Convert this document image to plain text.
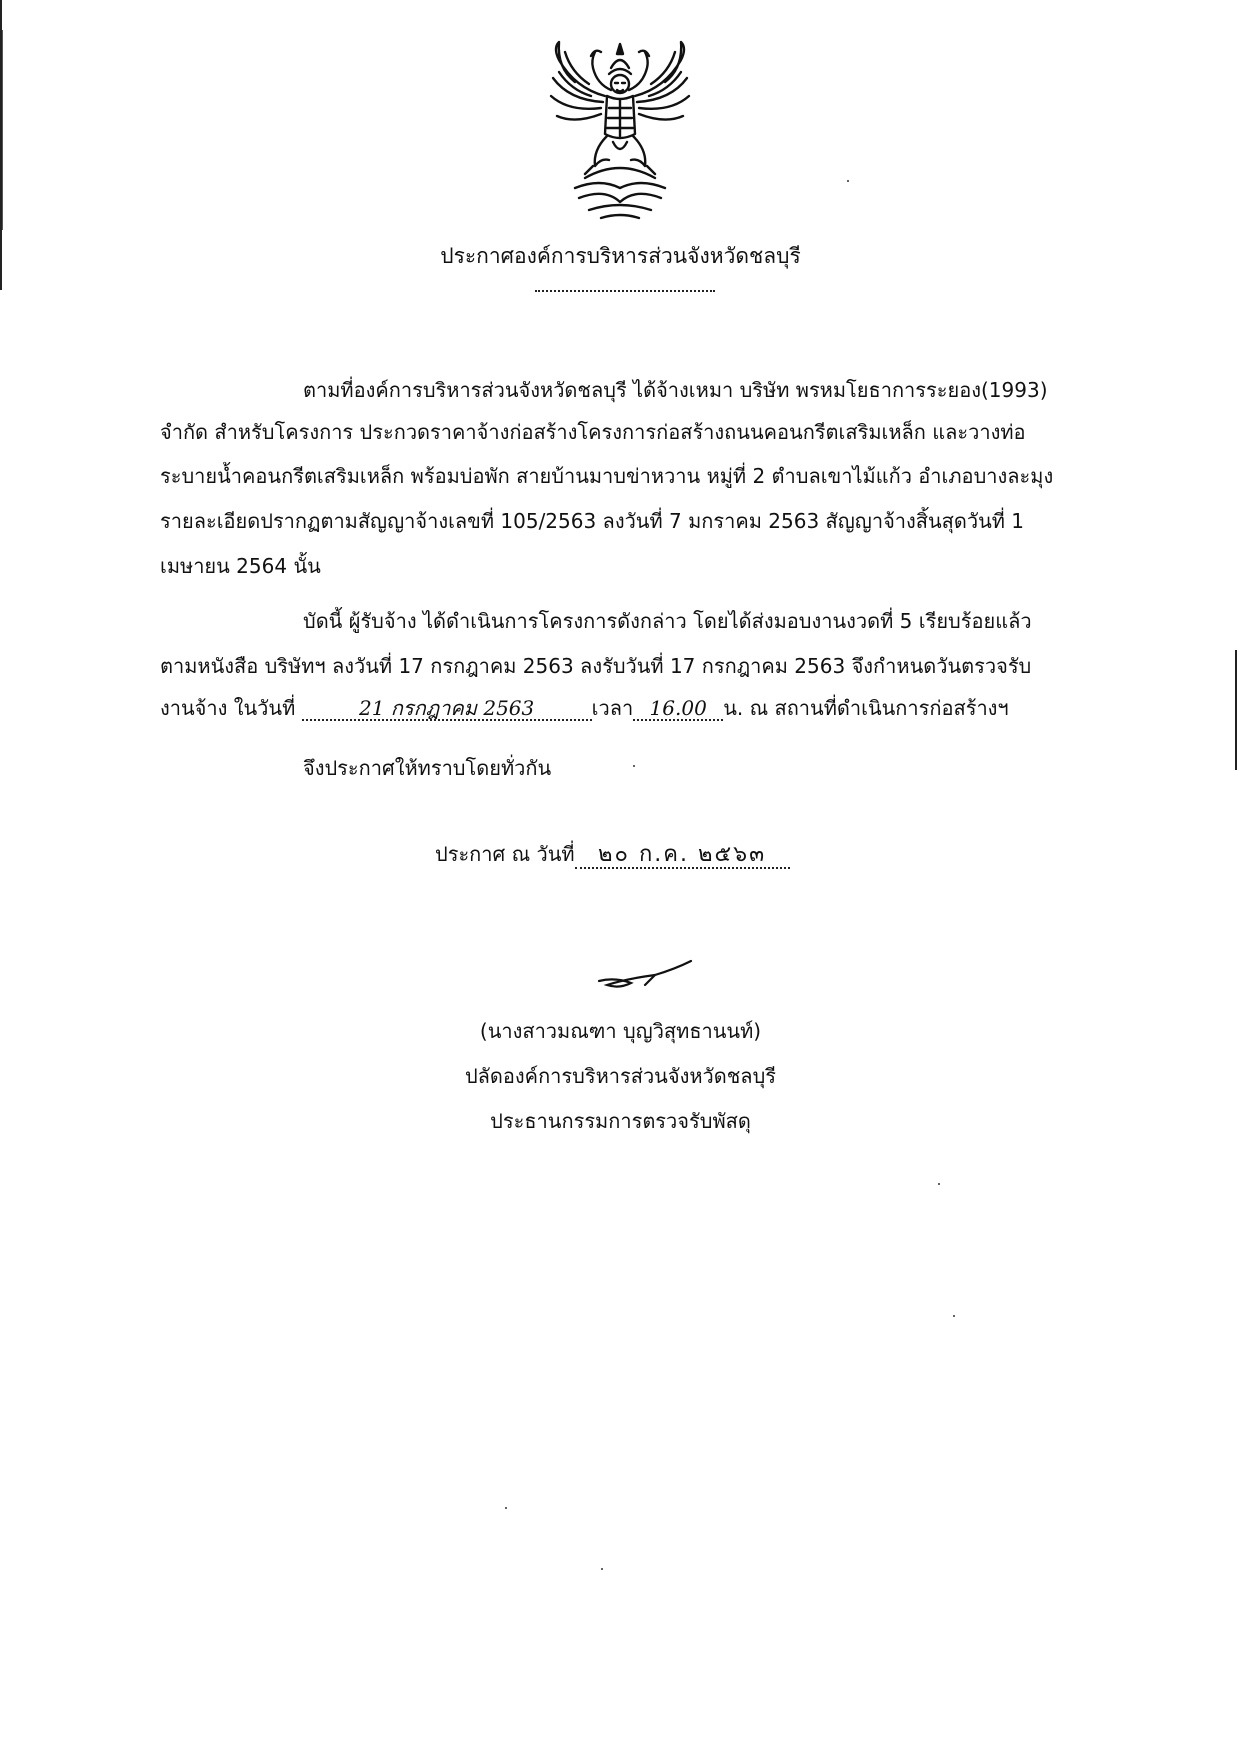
ประกาศองค์การบริหารส่วนจังหวัดชลบุรี
ตามที่องค์การบริหารส่วนจังหวัดชลบุรี ได้จ้างเหมา บริษัท พรหมโยธาการระยอง(1993)
จำกัด สำหรับโครงการ ประกวดราคาจ้างก่อสร้างโครงการก่อสร้างถนนคอนกรีตเสริมเหล็ก และวางท่อ
ระบายน้ำคอนกรีตเสริมเหล็ก พร้อมบ่อพัก สายบ้านมาบข่าหวาน หมู่ที่ 2 ตำบลเขาไม้แก้ว อำเภอบางละมุง
รายละเอียดปรากฏตามสัญญาจ้างเลขที่ 105/2563 ลงวันที่ 7 มกราคม 2563 สัญญาจ้างสิ้นสุดวันที่ 1
เมษายน 2564 นั้น
บัดนี้ ผู้รับจ้าง ได้ดำเนินการโครงการดังกล่าว โดยได้ส่งมอบงานงวดที่ 5 เรียบร้อยแล้ว
ตามหนังสือ บริษัทฯ ลงวันที่ 17 กรกฎาคม 2563 ลงรับวันที่ 17 กรกฎาคม 2563 จึงกำหนดวันตรวจรับ
งานจ้าง ในวันที่	21 กรกฎาคม 2563	เวลา 16.00 น. ณ สถานที่ดำเนินการก่อสร้างฯ
จึงประกาศให้ทราบโดยทั่วกัน
ประกาศ ณ วันที่ ๒๐ ก.ค. ๒๕๖๓
(นางสาวมณฑา บุญวิสุทธานนท์)
ปลัดองค์การบริหารส่วนจังหวัดชลบุรี
ประธานกรรมการตรวจรับพัสดุ
